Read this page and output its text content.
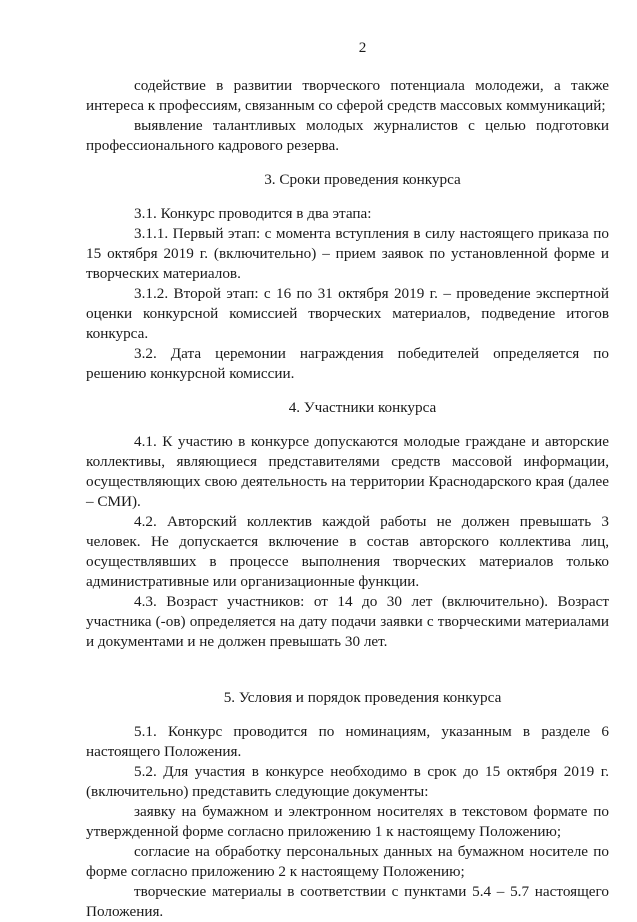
2

содействие в развитии творческого потенциала молодежи, а также интереса к профессиям, связанным со сферой средств массовых коммуникаций;

выявление талантливых молодых журналистов с целью подготовки профессионального кадрового резерва.

3. Сроки проведения конкурса

3.1. Конкурс проводится в два этапа:

3.1.1. Первый этап: с момента вступления в силу настоящего приказа по 15 октября 2019 г. (включительно) – прием заявок по установленной форме и творческих материалов.

3.1.2. Второй этап: с 16 по 31 октября 2019 г. – проведение экспертной оценки конкурсной комиссией творческих материалов, подведение итогов конкурса.

3.2. Дата церемонии награждения победителей определяется по решению конкурсной комиссии.

4. Участники конкурса

4.1. К участию в конкурсе допускаются молодые граждане и авторские коллективы, являющиеся представителями средств массовой информации, осуществляющих свою деятельность на территории Краснодарского края (далее – СМИ).

4.2. Авторский коллектив каждой работы не должен превышать 3 человек. Не допускается включение в состав авторского коллектива лиц, осуществлявших в процессе выполнения творческих материалов только административные или организационные функции.

4.3. Возраст участников: от 14 до 30 лет (включительно). Возраст участника (-ов) определяется на дату подачи заявки с творческими материалами и документами и не должен превышать 30 лет.

5. Условия и порядок проведения конкурса

5.1. Конкурс проводится по номинациям, указанным в разделе 6 настоящего Положения.

5.2. Для участия в конкурсе необходимо в срок до 15 октября 2019 г. (включительно) представить следующие документы:

заявку на бумажном и электронном носителях в текстовом формате по утвержденной форме согласно приложению 1 к настоящему Положению;

согласие на обработку персональных данных на бумажном носителе по форме согласно приложению 2 к настоящему Положению;

творческие материалы в соответствии с пунктами 5.4 – 5.7 настоящего Положения.
